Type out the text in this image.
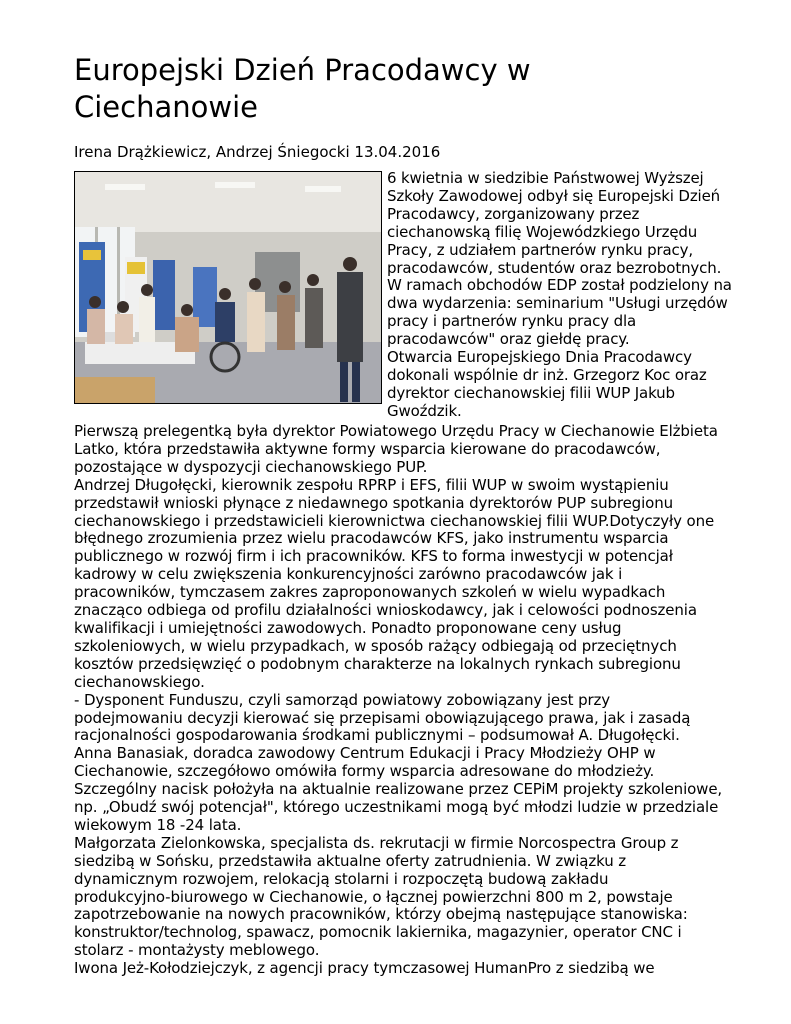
Europejski Dzień Pracodawcy w Ciechanowie

Irena Drążkiewicz, Andrzej Śniegocki 13.04.2016

6 kwietnia w siedzibie Państwowej Wyższej

Szkoły Zawodowej odbył się Europejski Dzień

Pracodawcy, zorganizowany przez

ciechanowską filię Wojewódzkiego Urzędu

Pracy, z udziałem partnerów rynku pracy,

pracodawców, studentów oraz bezrobotnych.

W ramach obchodów EDP został podzielony na

dwa wydarzenia: seminarium "Usługi urzędów

pracy i partnerów rynku pracy dla

pracodawców" oraz giełdę pracy.

Otwarcia Europejskiego Dnia Pracodawcy

dokonali wspólnie dr inż. Grzegorz Koc oraz

dyrektor ciechanowskiej filii WUP Jakub

Gwoździk.

Pierwszą prelegentką była dyrektor Powiatowego Urzędu Pracy w Ciechanowie Elżbieta

Latko, która przedstawiła aktywne formy wsparcia kierowane do pracodawców,

pozostające w dyspozycji ciechanowskiego PUP.

Andrzej Długołęcki, kierownik zespołu RPRP i EFS, filii WUP w swoim wystąpieniu

przedstawił wnioski płynące z niedawnego spotkania dyrektorów PUP subregionu

ciechanowskiego i przedstawicieli kierownictwa ciechanowskiej filii WUP.Dotyczyły one

błędnego zrozumienia przez wielu pracodawców KFS, jako instrumentu wsparcia

publicznego w rozwój firm i ich pracowników. KFS to forma inwestycji w potencjał

kadrowy w celu zwiększenia konkurencyjności zarówno pracodawców jak i

pracowników, tymczasem zakres zaproponowanych szkoleń w wielu wypadkach

znacząco odbiega od profilu działalności wnioskodawcy, jak i celowości podnoszenia

kwalifikacji i umiejętności zawodowych. Ponadto proponowane ceny usług

szkoleniowych, w wielu przypadkach, w sposób rażący odbiegają od przeciętnych

kosztów przedsięwzięć o podobnym charakterze na lokalnych rynkach subregionu

ciechanowskiego.

- Dysponent Funduszu, czyli samorząd powiatowy zobowiązany jest przy

podejmowaniu decyzji kierować się przepisami obowiązującego prawa, jak i zasadą

racjonalności gospodarowania środkami publicznymi – podsumował A. Długołęcki.

Anna Banasiak, doradca zawodowy Centrum Edukacji i Pracy Młodzieży OHP w

Ciechanowie, szczegółowo omówiła formy wsparcia adresowane do młodzieży.

Szczególny nacisk położyła na aktualnie realizowane przez CEPiM projekty szkoleniowe,

np. „Obudź swój potencjał", którego uczestnikami mogą być młodzi ludzie w przedziale

wiekowym 18 -24 lata.

Małgorzata Zielonkowska, specjalista ds. rekrutacji w firmie Norcospectra Group z

siedzibą w Sońsku, przedstawiła aktualne oferty zatrudnienia. W związku z

dynamicznym rozwojem, relokacją stolarni i rozpoczętą budową zakładu

produkcyjno-biurowego w Ciechanowie, o łącznej powierzchni 800 m 2, powstaje

zapotrzebowanie na nowych pracowników, którzy obejmą następujące stanowiska:

konstruktor/technolog, spawacz, pomocnik lakiernika, magazynier, operator CNC i

stolarz - montażysty meblowego.

Iwona Jeż-Kołodziejczyk, z agencji pracy tymczasowej HumanPro z siedzibą we
